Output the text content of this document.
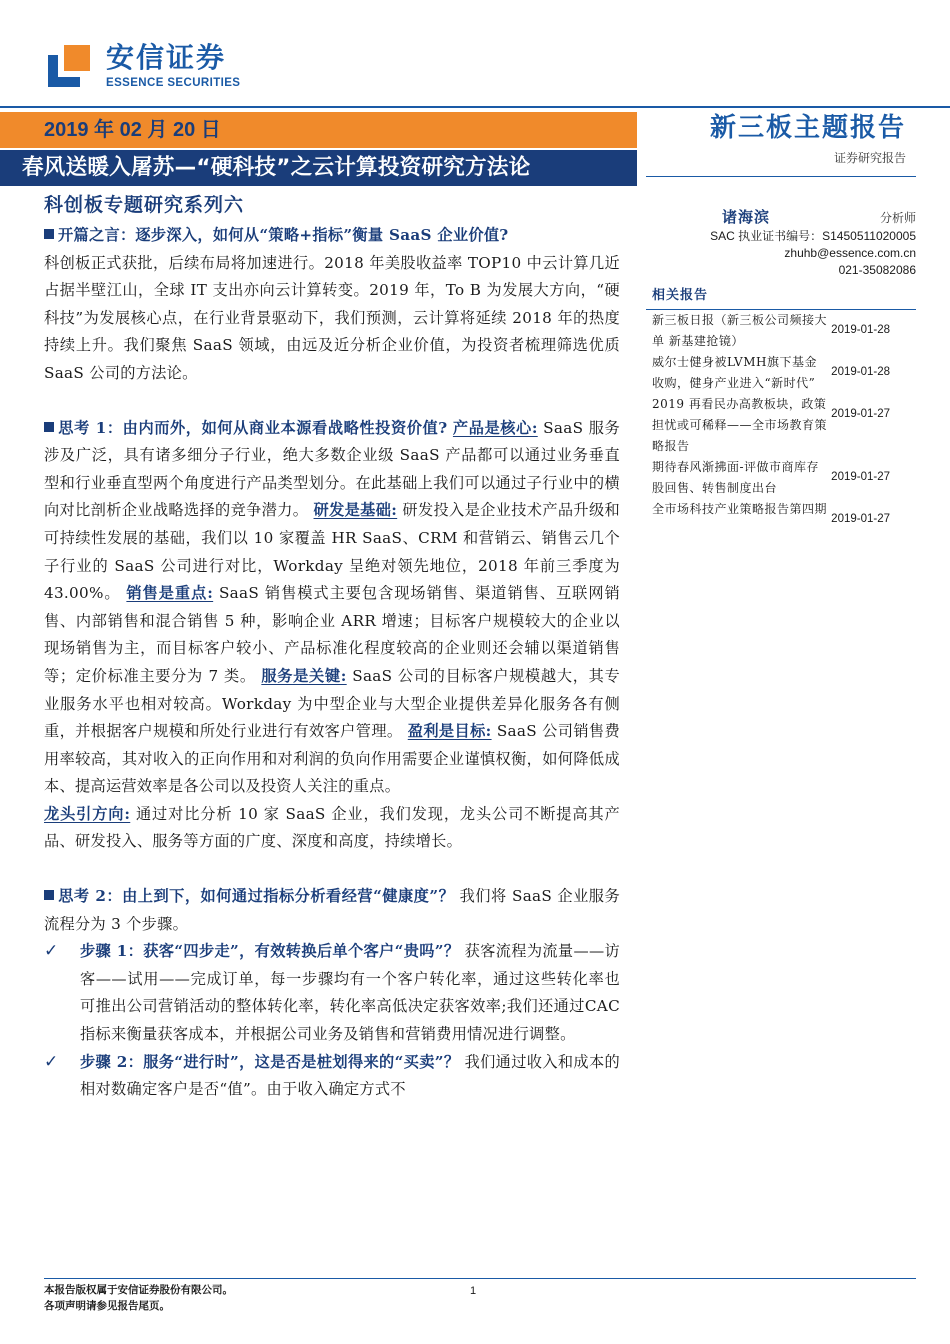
安信证券
ESSENCE SECURITIES
2019 年 02 月 20 日	新三板主题报告
证券研究报告
春风送暖入屠苏—“硬科技”之云计算投资研究方法论
科创板专题研究系列六

开篇之言：逐步深入，如何从“策略+指标”衡量 SaaS 企业价值?

科创板正式获批，后续布局将加速进行。2018 年美股收益率 TOP10 中云计算几近占据半壁江山，全球 IT 支出亦向云计算转变。2019 年，To B 为发展大方向，“硬科技”为发展核心点，在行业背景驱动下，我们预测，云计算将延续 2018 年的热度持续上升。我们聚焦 SaaS 领域，由远及近分析企业价值，为投资者梳理筛选优质 SaaS 公司的方法论。

思考 1：由内而外，如何从商业本源看战略性投资价值? 产品是核心: SaaS 服务涉及广泛，具有诸多细分子行业，绝大多数企业级 SaaS 产品都可以通过业务垂直型和行业垂直型两个角度进行产品类型划分。在此基础上我们可以通过子行业中的横向对比剖析企业战略选择的竞争潜力。 研发是基础: 研发投入是企业技术产品升级和可持续性发展的基础，我们以 10 家覆盖 HR SaaS、CRM 和营销云、销售云几个子行业的 SaaS 公司进行对比，Workday 呈绝对领先地位，2018 年前三季度为 43.00%。 销售是重点: SaaS 销售模式主要包含现场销售、渠道销售、互联网销售、内部销售和混合销售 5 种，影响企业 ARR 增速；目标客户规模较大的企业以现场销售为主，而目标客户较小、产品标准化程度较高的企业则还会辅以渠道销售等；定价标准主要分为 7 类。 服务是关键: SaaS 公司的目标客户规模越大，其专业服务水平也相对较高。Workday 为中型企业与大型企业提供差异化服务各有侧重，并根据客户规模和所处行业进行有效客户管理。 盈利是目标: SaaS 公司销售费用率较高，其对收入的正向作用和对利润的负向作用需要企业谨慎权衡，如何降低成本、提高运营效率是各公司以及投资人关注的重点。

龙头引方向: 通过对比分析 10 家 SaaS 企业，我们发现，龙头公司不断提高其产品、研发投入、服务等方面的广度、深度和高度，持续增长。

思考 2：由上到下，如何通过指标分析看经营“健康度”？ 我们将 SaaS 企业服务流程分为 3 个步骤。

✓ 步骤 1：获客“四步走”，有效转换后单个客户“贵吗”？ 获客流程为流量——访客——试用——完成订单，每一步骤均有一个客户转化率，通过这些转化率也可推出公司营销活动的整体转化率，转化率高低决定获客效率;我们还通过CAC指标来衡量获客成本，并根据公司业务及销售和营销费用情况进行调整。

✓ 步骤 2：服务“进行时”，这是否是桩划得来的“买卖”？ 我们通过收入和成本的相对数确定客户是否“值”。由于收入确定方式不

诸海滨	分析师
SAC 执业证书编号：S1450511020005
zhuhb@essence.com.cn
021-35082086
相关报告
新三板日报（新三板公司频接大单 新基建抢镜）
2019-01-28
威尔士健身被LVMH旗下基金收购，健身产业进入“新时代”
2019-01-28
2019 再看民办高教板块，政策担忧或可稀释——全市场教育策略报告
2019-01-27
期待春风渐拂面-评做市商库存股回售、转售制度出台
2019-01-27
全市场科技产业策略报告第四期
2019-01-27
本报告版权属于安信证券股份有限公司。
各项声明请参见报告尾页。
1
